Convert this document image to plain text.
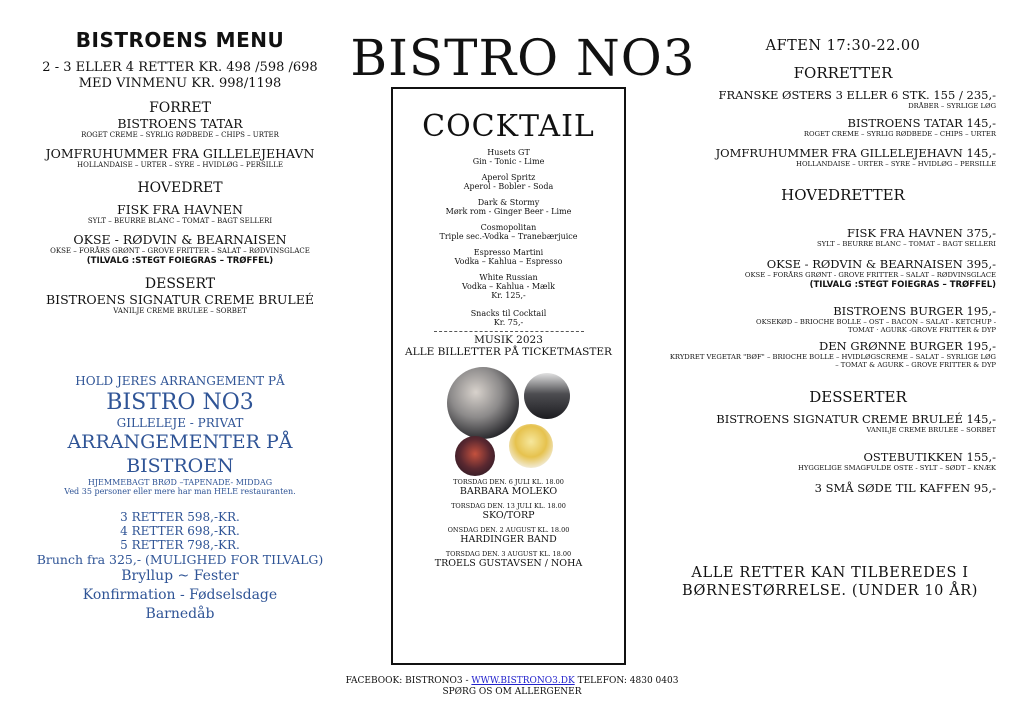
BISTROENS MENU
2 - 3 ELLER 4 RETTER KR. 498 /598 /698
MED VINMENU KR. 998/1198
FORRET
BISTROENS TATAR
ROGET CREME – SYRLIG RØDBEDE – CHIPS – URTER
JOMFRUHUMMER FRA GILLELEJEHAVN
HOLLANDAISE – URTER – SYRE – HVIDLØG – PERSILLE
HOVEDRET
FISK FRA HAVNEN
SYLT – BEURRE BLANC – TOMAT – BAGT SELLERI
OKSE - RØDVIN & BEARNAISEN
OKSE – FORÅRS GRØNT – GROVE FRITTER – SALAT – RØDVINSGLACE
(TILVALG :STEGT FOIEGRAS – TRØFFEL)
DESSERT
BISTROENS SIGNATUR CREME BRULEÉ
VANILJE CREME BRULEE – SORBET
HOLD JERES ARRANGEMENT PÅ
BISTRO NO3
GILLELEJE - PRIVAT
ARRANGEMENTER PÅ BISTROEN
HJEMMEBAGT BRØD –TAPENADE- MIDDAG
Ved 35 personer eller mere har man HELE restauranten.
3 RETTER 598,-KR.
4 RETTER 698,-KR.
5 RETTER 798,-KR.
Brunch fra 325,- (MULIGHED FOR TILVALG)
Bryllup ~ Fester
Konfirmation - Fødselsdage
Barnedåb
BISTRO NO3
COCKTAIL
Husets GT
Gin - Tonic - Lime
Aperol Spritz
Aperol - Bobler - Soda
Dark & Stormy
Mørk rom - Ginger Beer - Lime
Cosmopolitan
Triple sec.-Vodka – Tranebærjuice
Espresso Martini
Vodka – Kahlua – Espresso
White Russian
Vodka – Kahlua - Mælk
Kr. 125,-
Snacks til Cocktail
Kr. 75,-
MUSIK 2023
ALLE BILLETTER PÅ TICKETMASTER
TORSDAG DEN. 6 JULI KL. 18.00
BARBARA MOLEKO
TORSDAG DEN. 13 JULI KL. 18.00
SKO/TORP
ONSDAG DEN. 2 AUGUST KL. 18.00
HARDINGER BAND
TORSDAG DEN. 3 AUGUST KL. 18.00
TROELS GUSTAVSEN / NOHA
AFTEN 17:30-22.00
FORRETTER
FRANSKE ØSTERS 3 ELLER 6 STK. 155 / 235,-
DRÅBER – SYRLIGE LØG
BISTROENS TATAR 145,-
ROGET CREME – SYRLIG RØDBEDE – CHIPS – URTER
JOMFRUHUMMER FRA GILLELEJEHAVN 145,-
HOLLANDAISE – URTER – SYRE – HVIDLØG – PERSILLE
HOVEDRETTER
FISK FRA HAVNEN 375,-
SYLT – BEURRE BLANC – TOMAT – BAGT SELLERI
OKSE - RØDVIN & BEARNAISEN 395,-
OKSE – FORÅRS GRØNT - GROVE FRITTER – SALAT – RØDVINSGLACE
(TILVALG :STEGT FOIEGRAS – TRØFFEL)
BISTROENS BURGER 195,-
OKSEKØD – BRIOCHE BOLLE – OST – BACON – SALAT - KETCHUP -
TOMAT · AGURK -GROVE FRITTER & DYP
DEN GRØNNE BURGER 195,-
KRYDRET VEGETAR "BØF" – BRIOCHE BOLLE – HVIDLØGSCREME – SALAT – SYRLIGE LØG
– TOMAT & AGURK – GROVE FRITTER & DYP
DESSERTER
BISTROENS SIGNATUR CREME BRULEÉ 145,-
VANILJE CREME BRULEE – SORBET
OSTEBUTIKKEN 155,-
HYGGELIGE SMAGFULDE OSTE - SYLT – SØDT – KNÆK
3 SMÅ SØDE TIL KAFFEN 95,-
ALLE RETTER KAN TILBEREDES I
BØRNESTØRRELSE. (UNDER 10 ÅR)
FACEBOOK: BISTRONO3 - WWW.BISTRONO3.DK TELEFON: 4830 0403
SPØRG OS OM ALLERGENER
